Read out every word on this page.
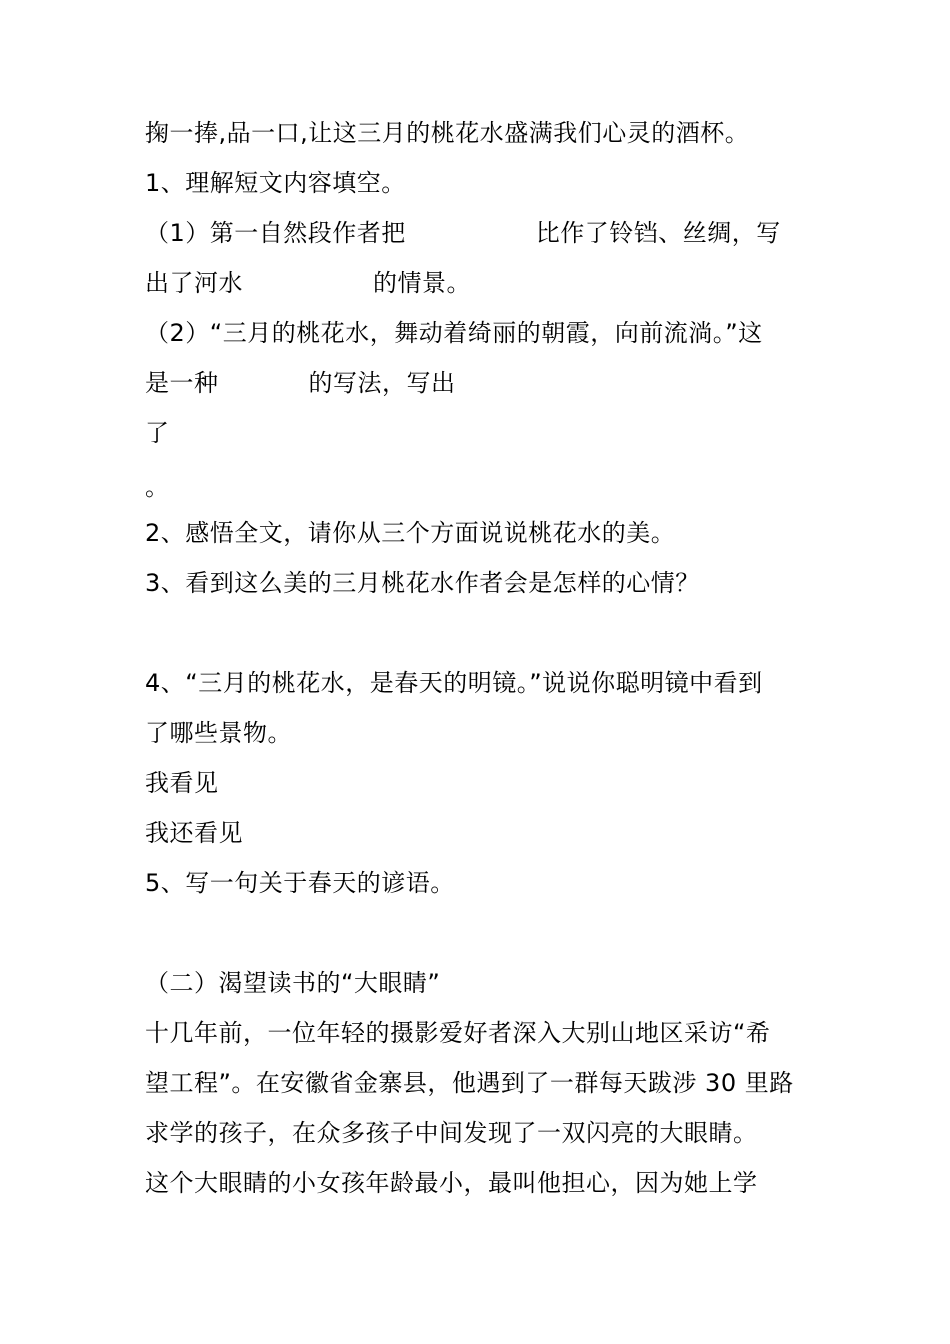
掬一捧,品一口,让这三月的桃花水盛满我们心灵的酒杯。
1、理解短文内容填空。
（1）第一自然段作者把	比作了铃铛、丝绸，写
出了河水	的情景。
（2）“三月的桃花水，舞动着绮丽的朝霞，向前流淌。”这
是一种	的写法，写出
了
。
2、感悟全文，请你从三个方面说说桃花水的美。
3、看到这么美的三月桃花水作者会是怎样的心情？
4、“三月的桃花水，是春天的明镜。”说说你聪明镜中看到
了哪些景物。
我看见
我还看见
5、写一句关于春天的谚语。
（二）渴望读书的“大眼睛”
十几年前，一位年轻的摄影爱好者深入大别山地区采访“希
望工程”。在安徽省金寨县，他遇到了一群每天跋涉 30 里路
求学的孩子，在众多孩子中间发现了一双闪亮的大眼睛。
这个大眼睛的小女孩年龄最小，最叫他担心，因为她上学
